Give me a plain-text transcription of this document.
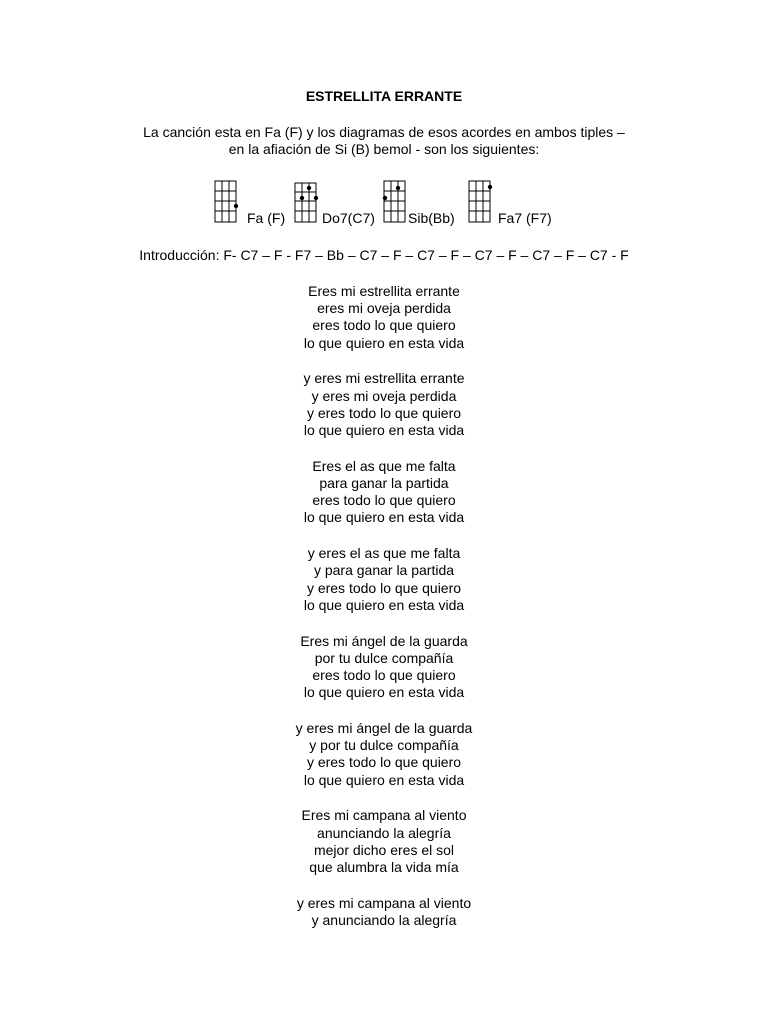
ESTRELLITA ERRANTE
La canción esta en Fa (F) y los diagramas de esos acordes en ambos tiples –
en la afiación de Si (B) bemol - son los siguientes:
Fa (F)	Do7(C7) Sib(Bb)	Fa7 (F7)
Introducción: F- C7 – F - F7 – Bb – C7 – F – C7 – F – C7 – F – C7 – F – C7 - F
Eres mi estrellita errante
eres mi oveja perdida
eres todo lo que quiero
lo que quiero en esta vida
y eres mi estrellita errante
y eres mi oveja perdida
y eres todo lo que quiero
lo que quiero en esta vida
Eres el as que me falta
para ganar la partida
eres todo lo que quiero
lo que quiero en esta vida
y eres el as que me falta
y para ganar la partida
y eres todo lo que quiero
lo que quiero en esta vida
Eres mi ángel de la guarda
por tu dulce compañía
eres todo lo que quiero
lo que quiero en esta vida
y eres mi ángel de la guarda
y por tu dulce compañía
y eres todo lo que quiero
lo que quiero en esta vida
Eres mi campana al viento
anunciando la alegría
mejor dicho eres el sol
que alumbra la vida mía
y eres mi campana al viento
y anunciando la alegría
